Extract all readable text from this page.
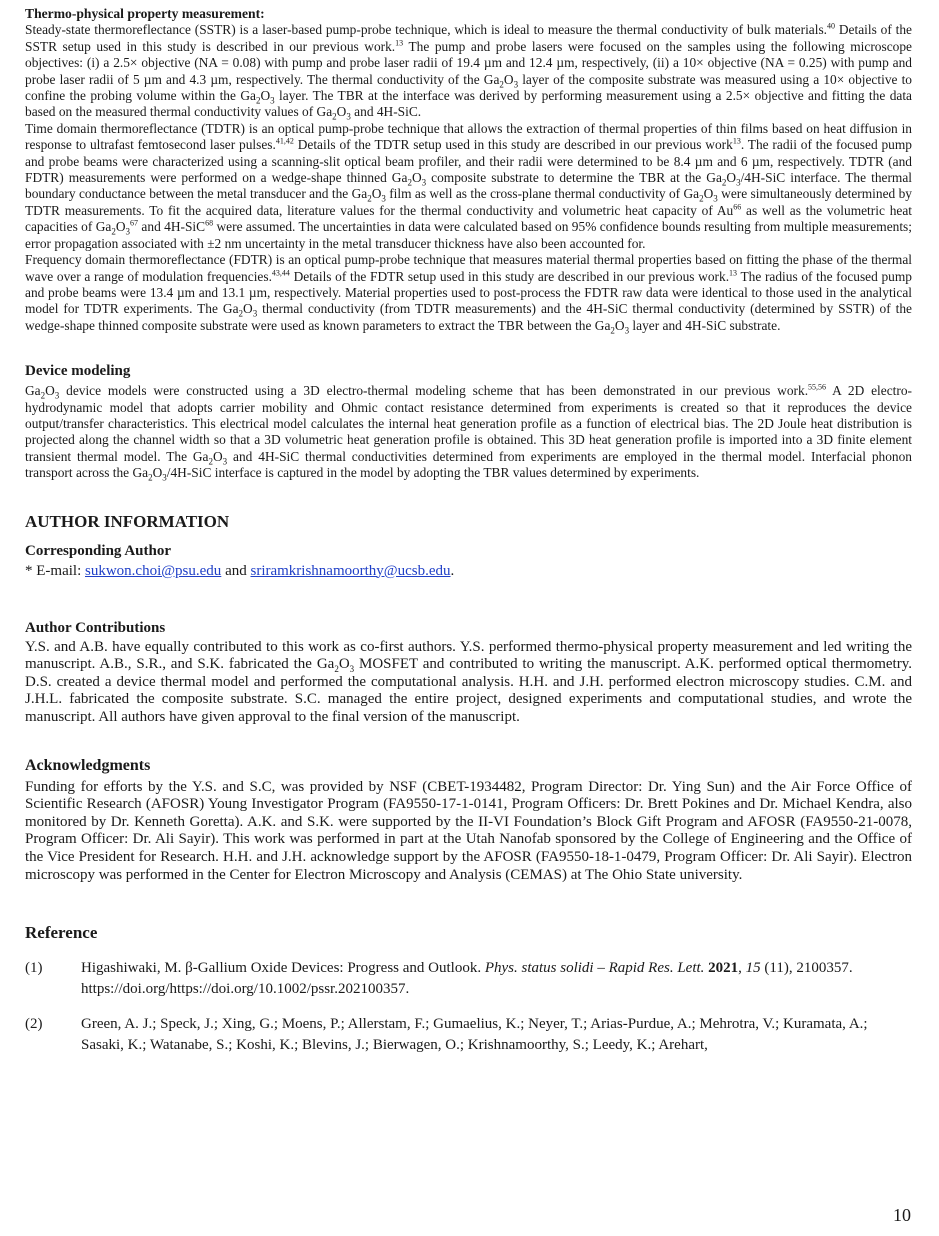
Thermo-physical property measurement:

Steady-state thermoreflectance (SSTR) is a laser-based pump-probe technique, which is ideal to measure the thermal conductivity of bulk materials.$^{40}$ Details of the SSTR setup used in this study is described in our previous work.$^{13}$ The pump and probe lasers were focused on the samples using the following microscope objectives: (i) a 2.5× objective (NA = 0.08) with pump and probe laser radii of 19.4 µm and 12.4 µm, respectively, (ii) a 10× objective (NA = 0.25) with pump and probe laser radii of 5 µm and 4.3 µm, respectively. The thermal conductivity of the $Ga_2O_3$ layer of the composite substrate was measured using a 10× objective to confine the probing volume within the $Ga_2O_3$ layer. The TBR at the interface was derived by performing measurement using a 2.5× objective and fitting the data based on the measured thermal conductivity values of $Ga_2O_3$ and 4H-SiC.

Time domain thermoreflectance (TDTR) is an optical pump-probe technique that allows the extraction of thermal properties of thin films based on heat diffusion in response to ultrafast femtosecond laser pulses.$^{41,42}$ Details of the TDTR setup used in this study are described in our previous work$^{13}$. The radii of the focused pump and probe beams were characterized using a scanning-slit optical beam profiler, and their radii were determined to be 8.4 µm and 6 µm, respectively. TDTR (and FDTR) measurements were performed on a wedge-shape thinned $Ga_2O_3$ composite substrate to determine the TBR at the $Ga_2O_3/4H$-SiC interface. The thermal boundary conductance between the metal transducer and the $Ga_2O_3$ film as well as the cross-plane thermal conductivity of $Ga_2O_3$ were simultaneously determined by TDTR measurements. To fit the acquired data, literature values for the thermal conductivity and volumetric heat capacity of Au$^{66}$ as well as the volumetric heat capacities of $Ga_2O_3^{67}$ and 4H-SiC$^{68}$ were assumed. The uncertainties in data were calculated based on 95% confidence bounds resulting from multiple measurements; error propagation associated with ±2 nm uncertainty in the metal transducer thickness have also been accounted for.

Frequency domain thermoreflectance (FDTR) is an optical pump-probe technique that measures material thermal properties based on fitting the phase of the thermal wave over a range of modulation frequencies.$^{43,44}$ Details of the FDTR setup used in this study are described in our previous work.$^{13}$ The radius of the focused pump and probe beams were 13.4 µm and 13.1 µm, respectively. Material properties used to post-process the FDTR raw data were identical to those used in the analytical model for TDTR experiments. The $Ga_2O_3$ thermal conductivity (from TDTR measurements) and the 4H-SiC thermal conductivity (determined by SSTR) of the wedge-shape thinned composite substrate were used as known parameters to extract the TBR between the $Ga_2O_3$ layer and 4H-SiC substrate.

Device modeling

$Ga_2O_3$ device models were constructed using a 3D electro-thermal modeling scheme that has been demonstrated in our previous work.$^{55,56}$ A 2D electro-hydrodynamic model that adopts carrier mobility and Ohmic contact resistance determined from experiments is created so that it reproduces the device output/transfer characteristics. This electrical model calculates the internal heat generation profile as a function of electrical bias. The 2D Joule heat distribution is projected along the channel width so that a 3D volumetric heat generation profile is obtained. This 3D heat generation profile is imported into a 3D finite element transient thermal model. The $Ga_2O_3$ and 4H-SiC thermal conductivities determined from experiments are employed in the thermal model. Interfacial phonon transport across the $Ga_2O_3/4H$-SiC interface is captured in the model by adopting the TBR values determined by experiments.

AUTHOR INFORMATION

Corresponding Author

* E-mail: sukwon.choi@psu.edu and sriramkrishnamoorthy@ucsb.edu.

Author Contributions

Y.S. and A.B. have equally contributed to this work as co-first authors. Y.S. performed thermo-physical property measurement and led writing the manuscript. A.B., S.R., and S.K. fabricated the $Ga_2O_3$ MOSFET and contributed to writing the manuscript. A.K. performed optical thermometry. D.S. created a device thermal model and performed the computational analysis. H.H. and J.H. performed electron microscopy studies. C.M. and J.H.L. fabricated the composite substrate. S.C. managed the entire project, designed experiments and computational studies, and wrote the manuscript. All authors have given approval to the final version of the manuscript.

Acknowledgments

Funding for efforts by the Y.S. and S.C, was provided by NSF (CBET-1934482, Program Director: Dr. Ying Sun) and the Air Force Office of Scientific Research (AFOSR) Young Investigator Program (FA9550-17-1-0141, Program Officers: Dr. Brett Pokines and Dr. Michael Kendra, also monitored by Dr. Kenneth Goretta). A.K. and S.K. were supported by the II-VI Foundation’s Block Gift Program and AFOSR (FA9550-21-0078, Program Officer: Dr. Ali Sayir). This work was performed in part at the Utah Nanofab sponsored by the College of Engineering and the Office of the Vice President for Research. H.H. and J.H. acknowledge support by the AFOSR (FA9550-18-1-0479, Program Officer: Dr. Ali Sayir). Electron microscopy was performed in the Center for Electron Microscopy and Analysis (CEMAS) at The Ohio State university.

Reference

(1)	Higashiwaki, M. β-Gallium Oxide Devices: Progress and Outlook. Phys. status solidi – Rapid Res. Lett. 2021, 15 (11), 2100357. https://doi.org/https://doi.org/10.1002/pssr.202100357.
(2)	Green, A. J.; Speck, J.; Xing, G.; Moens, P.; Allerstam, F.; Gumaelius, K.; Neyer, T.; Arias-Purdue, A.; Mehrotra, V.; Kuramata, A.; Sasaki, K.; Watanabe, S.; Koshi, K.; Blevins, J.; Bierwagen, O.; Krishnamoorthy, S.; Leedy, K.; Arehart,
10
